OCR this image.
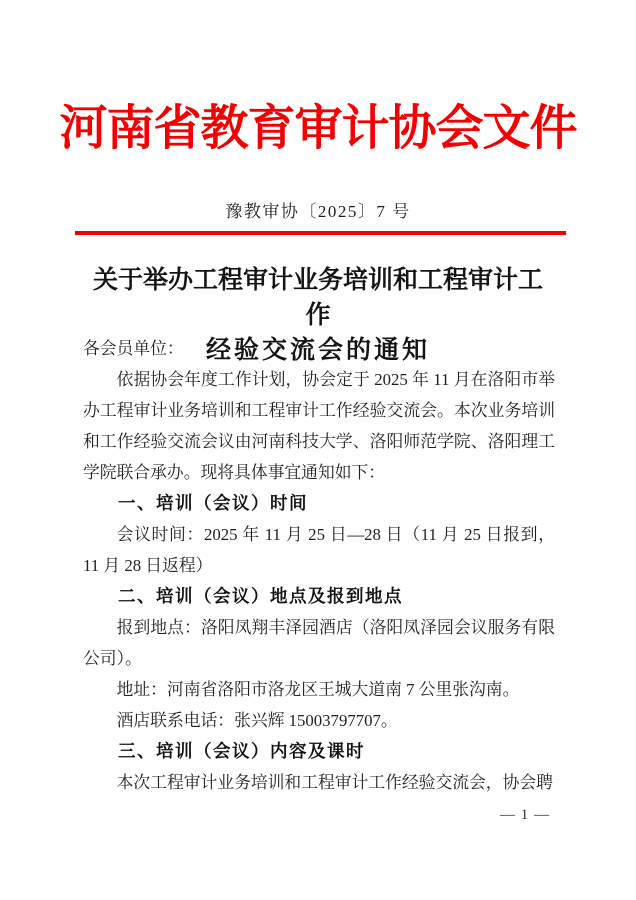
河南省教育审计协会文件
豫教审协〔2025〕7 号
关于举办工程审计业务培训和工程审计工作
经验交流会的通知

各会员单位：

依据协会年度工作计划，协会定于 2025 年 11 月在洛阳市举办工程审计业务培训和工程审计工作经验交流会。本次业务培训和工作经验交流会议由河南科技大学、洛阳师范学院、洛阳理工学院联合承办。现将具体事宜通知如下：

一、培训（会议）时间

会议时间：2025 年 11 月 25 日—28 日（11 月 25 日报到，11 月 28 日返程）

二、培训（会议）地点及报到地点

报到地点：洛阳凤翔丰泽园酒店（洛阳凤泽园会议服务有限公司）。

地址：河南省洛阳市洛龙区王城大道南 7 公里张沟南。

酒店联系电话：张兴辉 15003797707。

三、培训（会议）内容及课时

本次工程审计业务培训和工程审计工作经验交流会，协会聘

— 1 —
